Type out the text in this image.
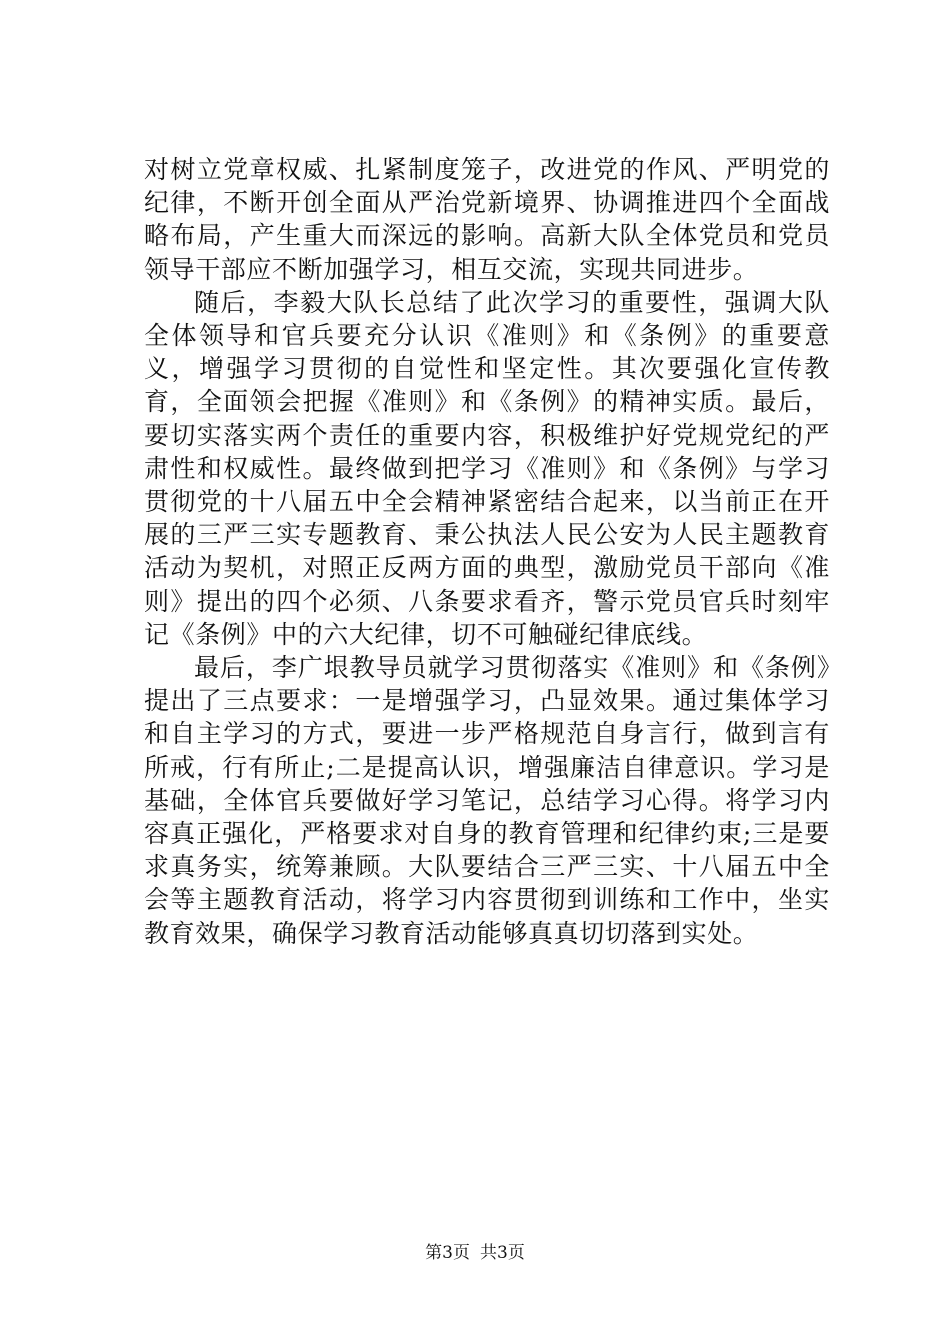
对树立党章权威、扎紧制度笼子，改进党的作风、严明党的纪律，不断开创全面从严治党新境界、协调推进四个全面战略布局，产生重大而深远的影响。高新大队全体党员和党员领导干部应不断加强学习，相互交流，实现共同进步。

随后，李毅大队长总结了此次学习的重要性，强调大队全体领导和官兵要充分认识《准则》和《条例》的重要意义，增强学习贯彻的自觉性和坚定性。其次要强化宣传教育，全面领会把握《准则》和《条例》的精神实质。最后，要切实落实两个责任的重要内容，积极维护好党规党纪的严肃性和权威性。最终做到把学习《准则》和《条例》与学习贯彻党的十八届五中全会精神紧密结合起来，以当前正在开展的三严三实专题教育、秉公执法人民公安为人民主题教育活动为契机，对照正反两方面的典型，激励党员干部向《准则》提出的四个必须、八条要求看齐，警示党员官兵时刻牢记《条例》中的六大纪律，切不可触碰纪律底线。

最后，李广垠教导员就学习贯彻落实《准则》和《条例》提出了三点要求：一是增强学习，凸显效果。通过集体学习和自主学习的方式，要进一步严格规范自身言行，做到言有所戒，行有所止;二是提高认识，增强廉洁自律意识。学习是基础，全体官兵要做好学习笔记，总结学习心得。将学习内容真正强化，严格要求对自身的教育管理和纪律约束;三是要求真务实，统筹兼顾。大队要结合三严三实、十八届五中全会等主题教育活动，将学习内容贯彻到训练和工作中，坐实教育效果，确保学习教育活动能够真真切切落到实处。

第3页 共3页
